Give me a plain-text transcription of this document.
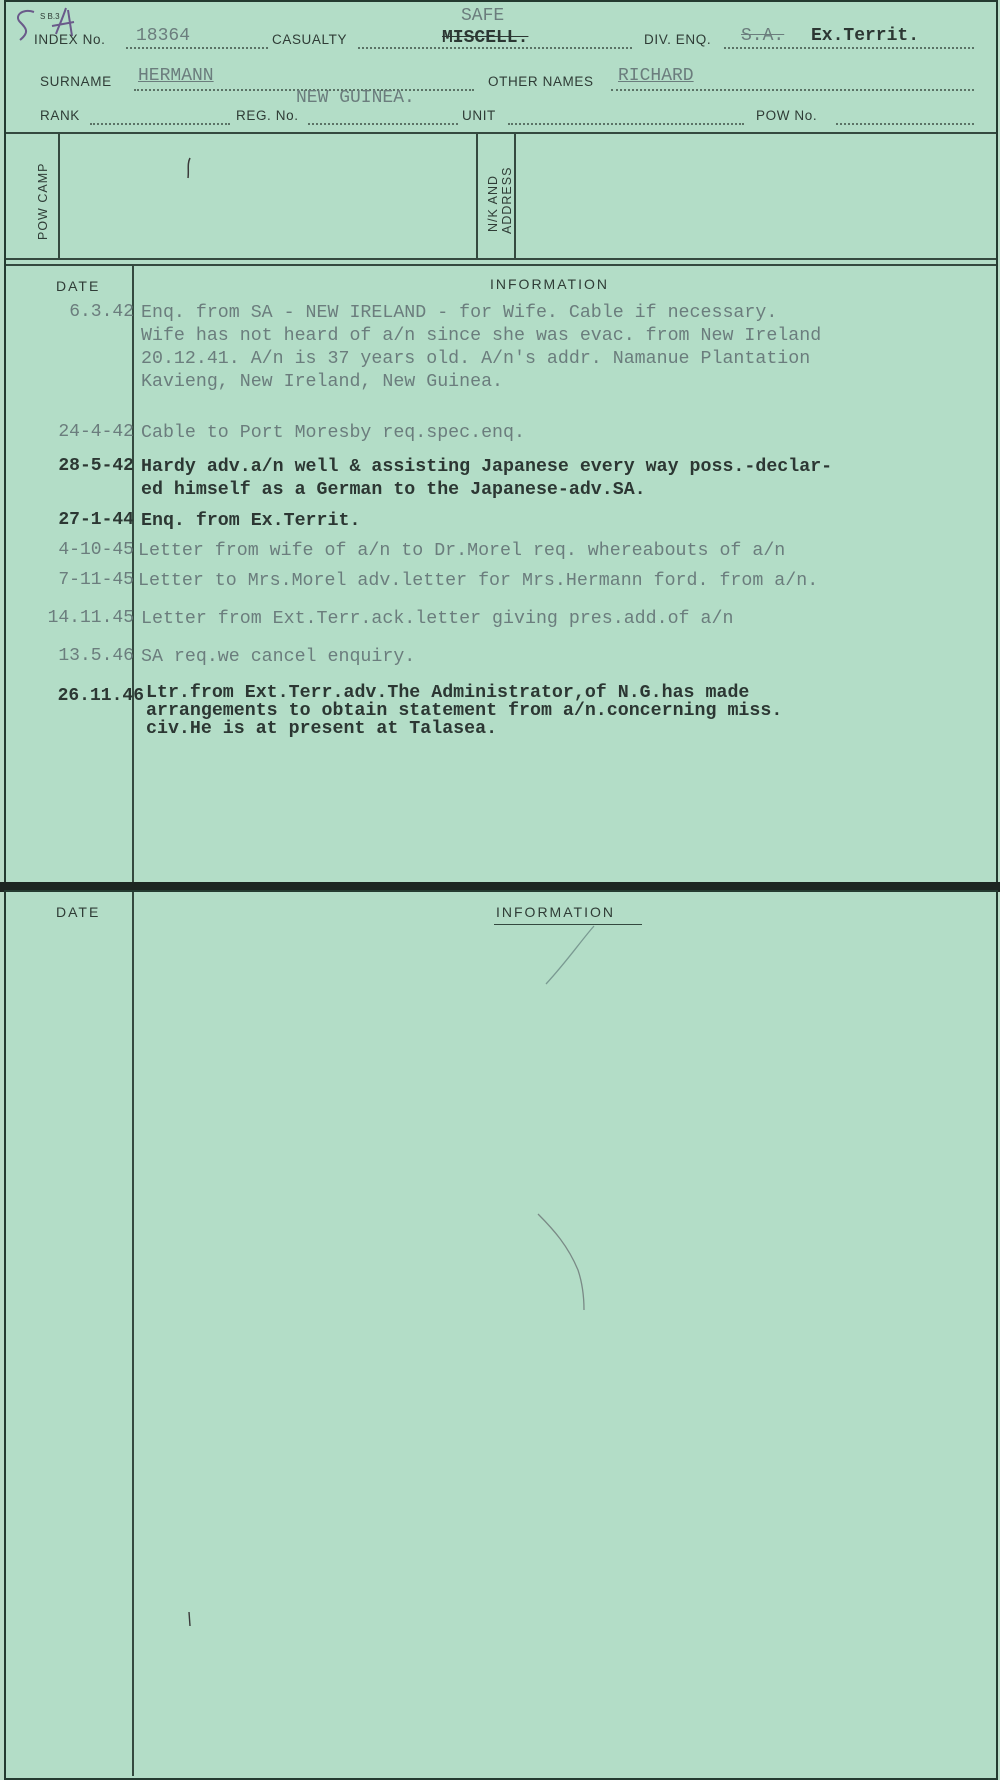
S B.3
INDEX No. 18364	CASUALTY
SAFE
MISCELL.	DIV. ENQ. S.A. Ex.Territ.
SURNAME HERMANN
NEW GUINEA.
OTHER NAMES RICHARD
RANK	REG. No.	UNIT	POW No.
POW CAMP	N/K AND ADDRESS
DATE	INFORMATION
6.3.42 Enq. from SA - NEW IRELAND - for Wife. Cable if necessary.
Wife has not heard of a/n since she was evac. from New Ireland
20.12.41. A/n is 37 years old. A/n's addr. Namanue Plantation
Kavieng, New Ireland, New Guinea.
24-4-42 Cable to Port Moresby req.spec.enq.
28-5-42 Hardy adv.a/n well & assisting Japanese every way poss.-declar-
ed himself as a German to the Japanese-adv.SA.
27-1-44 Enq. from Ex.Territ.
4-10-45 Letter from wife of a/n to Dr.Morel req. whereabouts of a/n
7-11-45 Letter to Mrs.Morel adv.letter for Mrs.Hermann ford. from a/n.
14.11.45 Letter from Ext.Terr.ack.letter giving pres.add.of a/n
13.5.46 SA req.we cancel enquiry.
26.11.46 Ltr.from Ext.Terr.adv.The Administrator,of N.G.has made
arrangements to obtain statement from a/n.concerning miss.
civ.He is at present at Talasea.
DATE	INFORMATION
